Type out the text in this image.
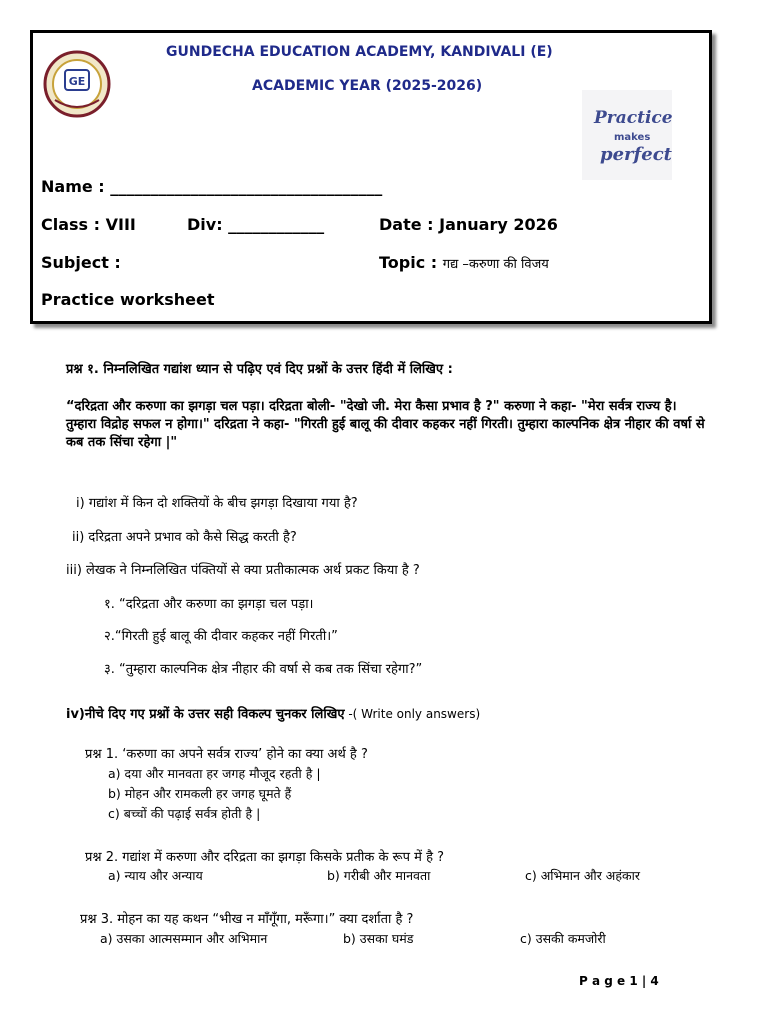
GE
GUNDECHA EDUCATION ACADEMY, KANDIVALI (E)
ACADEMIC YEAR (2025-2026)
Practice
makes
perfect
Name : __________________________________
Class : VIII	Div: ____________	Date : January 2026
Subject :	Topic : गद्य –करुणा की विजय
Practice worksheet
प्रश्न १. निम्नलिखित गद्यांश ध्यान से पढ़िए एवं दिए प्रश्नों के उत्तर हिंदी में लिखिए :
“दरिद्रता और करुणा का झगड़ा चल पड़ा। दरिद्रता बोली- "देखो जी. मेरा कैसा प्रभाव है ?" करुणा ने कहा- "मेरा सर्वत्र राज्य है। तुम्हारा विद्रोह सफल न होगा।" दरिद्रता ने कहा- "गिरती हुई बालू की दीवार कहकर नहीं गिरती। तुम्हारा काल्पनिक क्षेत्र नीहार की वर्षा से कब तक सिंचा रहेगा |"
i) गद्यांश में किन दो शक्तियों के बीच झगड़ा दिखाया गया है?
ii) दरिद्रता अपने प्रभाव को कैसे सिद्ध करती है?
iii) लेखक ने निम्नलिखित पंक्तियों से क्या प्रतीकात्मक अर्थ प्रकट किया है ?
१. “दरिद्रता और करुणा का झगड़ा चल पड़ा।
२.“गिरती हुई बालू की दीवार कहकर नहीं गिरती।”
३. “तुम्हारा काल्पनिक क्षेत्र नीहार की वर्षा से कब तक सिंचा रहेगा?”
iv)नीचे दिए गए प्रश्नों के उत्तर सही विकल्प चुनकर लिखिए -( Write only answers)
प्रश्न 1. ‘करुणा का अपने सर्वत्र राज्य’ होने का क्या अर्थ है ?
a) दया और मानवता हर जगह मौजूद रहती है |
b) मोहन और रामकली हर जगह घूमते हैं
c) बच्चों की पढ़ाई सर्वत्र होती है |
प्रश्न 2. गद्यांश में करुणा और दरिद्रता का झगड़ा किसके प्रतीक के रूप में है ?
a) न्याय और अन्याय	b) गरीबी और मानवता	c) अभिमान और अहंकार
प्रश्न 3. मोहन का यह कथन “भीख न माँगूँगा, मरूँगा।” क्या दर्शाता है ?
a) उसका आत्मसम्मान और अभिमान	b) उसका घमंड	c) उसकी कमजोरी
P a g e 1 | 4
